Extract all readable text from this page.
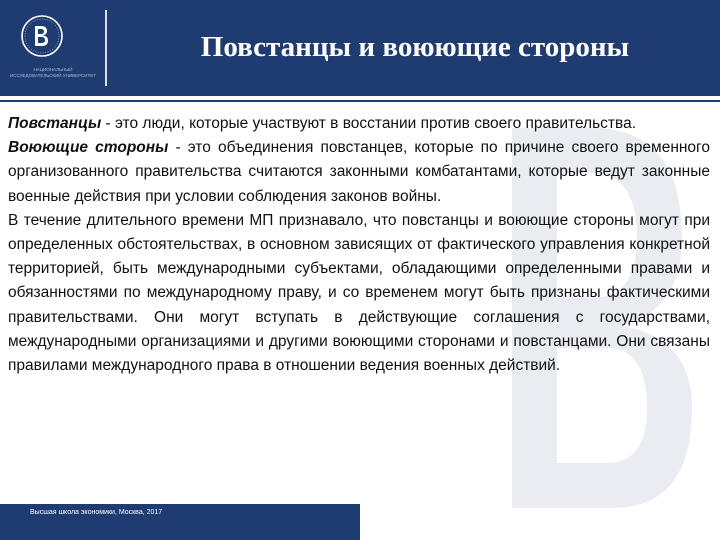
НАЦИОНАЛЬНЫЙ ИССЛЕДОВАТЕЛЬСКИЙ УНИВЕРСИТЕТ
Повстанцы и воюющие стороны

Повстанцы - это люди, которые участвуют в восстании против своего правительства.

Воюющие стороны - это объединения повстанцев, которые по причине своего временного организованного правительства считаются законными комбатантами, которые ведут законные военные действия при условии соблюдения законов войны.

В течение длительного времени МП признавало, что повстанцы и воюющие стороны могут при определенных обстоятельствах, в основном зависящих от фактического управления конкретной территорией, быть международными субъектами, обладающими определенными правами и обязанностями по международному праву, и со временем могут быть признаны фактическими правительствами. Они могут вступать в действующие соглашения с государствами, международными организациями и другими воюющими сторонами и повстанцами. Они связаны правилами международного права в отношении ведения военных действий.

Высшая школа экономики, Москва, 2017
